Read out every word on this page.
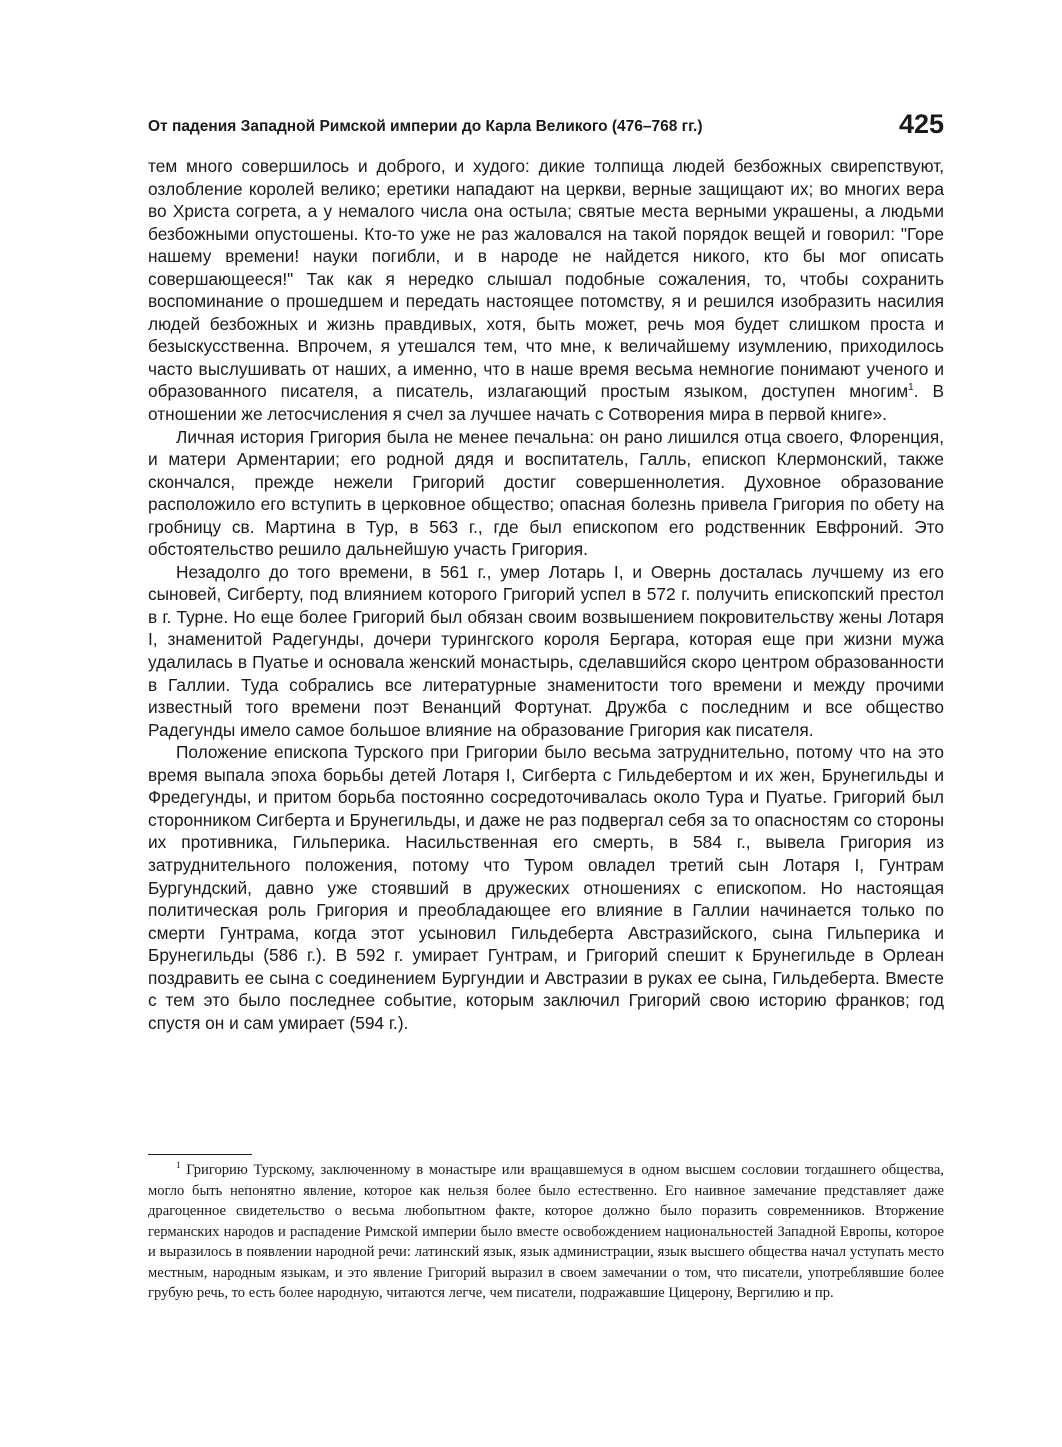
От падения Западной Римской империи до Карла Великого (476–768 гг.)	425

тем много совершилось и доброго, и худого: дикие толпища людей безбожных свирепствуют, озлобление королей велико; еретики нападают на церкви, верные защищают их; во многих вера во Христа согрета, а у немалого числа она остыла; святые места верными украшены, а людьми безбожными опустошены. Кто-то уже не раз жаловался на такой порядок вещей и говорил: "Горе нашему времени! науки погибли, и в народе не найдется никого, кто бы мог описать совершающееся!" Так как я нередко слышал подобные сожаления, то, чтобы сохранить воспоминание о прошедшем и передать настоящее потомству, я и решился изобразить насилия людей безбожных и жизнь правдивых, хотя, быть может, речь моя будет слишком проста и безыскусственна. Впрочем, я утешался тем, что мне, к величайшему изумлению, приходилось часто выслушивать от наших, а именно, что в наше время весьма немногие понимают ученого и образованного писателя, а писатель, излагающий простым языком, доступен многим$^1$. В отношении же летосчисления я счел за лучшее начать с Сотворения мира в первой книге».

Личная история Григория была не менее печальна: он рано лишился отца своего, Флоренция, и матери Арментарии; его родной дядя и воспитатель, Галль, епископ Клермонский, также скончался, прежде нежели Григорий достиг совершеннолетия. Духовное образование расположило его вступить в церковное общество; опасная болезнь привела Григория по обету на гробницу св. Мартина в Тур, в 563 г., где был епископом его родственник Евфроний. Это обстоятельство решило дальнейшую участь Григория.

Незадолго до того времени, в 561 г., умер Лотарь I, и Овернь досталась лучшему из его сыновей, Сигберту, под влиянием которого Григорий успел в 572 г. получить епископский престол в г. Турне. Но еще более Григорий был обязан своим возвышением покровительству жены Лотаря I, знаменитой Радегунды, дочери турингского короля Бергара, которая еще при жизни мужа удалилась в Пуатье и основала женский монастырь, сделавшийся скоро центром образованности в Галлии. Туда собрались все литературные знаменитости того времени и между прочими известный того времени поэт Венанций Фортунат. Дружба с последним и все общество Радегунды имело самое большое влияние на образование Григория как писателя.

Положение епископа Турского при Григории было весьма затруднительно, потому что на это время выпала эпоха борьбы детей Лотаря I, Сигберта с Гильдебертом и их жен, Брунегильды и Фредегунды, и притом борьба постоянно сосредоточивалась около Тура и Пуатье. Григорий был сторонником Сигберта и Брунегильды, и даже не раз подвергал себя за то опасностям со стороны их противника, Гильперика. Насильственная его смерть, в 584 г., вывела Григория из затруднительного положения, потому что Туром овладел третий сын Лотаря I, Гунтрам Бургундский, давно уже стоявший в дружеских отношениях с епископом. Но настоящая политическая роль Григория и преобладающее его влияние в Галлии начинается только по смерти Гунтрама, когда этот усыновил Гильдеберта Австразийского, сына Гильперика и Брунегильды (586 г.). В 592 г. умирает Гунтрам, и Григорий спешит к Брунегильде в Орлеан поздравить ее сына с соединением Бургундии и Австразии в руках ее сына, Гильдеберта. Вместе с тем это было последнее событие, которым заключил Григорий свою историю франков; год спустя он и сам умирает (594 г.).

$^1$ Григорию Турскому, заключенному в монастыре или вращавшемуся в одном высшем сословии тогдашнего общества, могло быть непонятно явление, которое как нельзя более было естественно. Его наивное замечание представляет даже драгоценное свидетельство о весьма любопытном факте, которое должно было поразить современников. Вторжение германских народов и распадение Римской империи было вместе освобождением национальностей Западной Европы, которое и выразилось в появлении народной речи: латинский язык, язык администрации, язык высшего общества начал уступать место местным, народным языкам, и это явление Григорий выразил в своем замечании о том, что писатели, употреблявшие более грубую речь, то есть более народную, читаются легче, чем писатели, подражавшие Цицерону, Вергилию и пр.
